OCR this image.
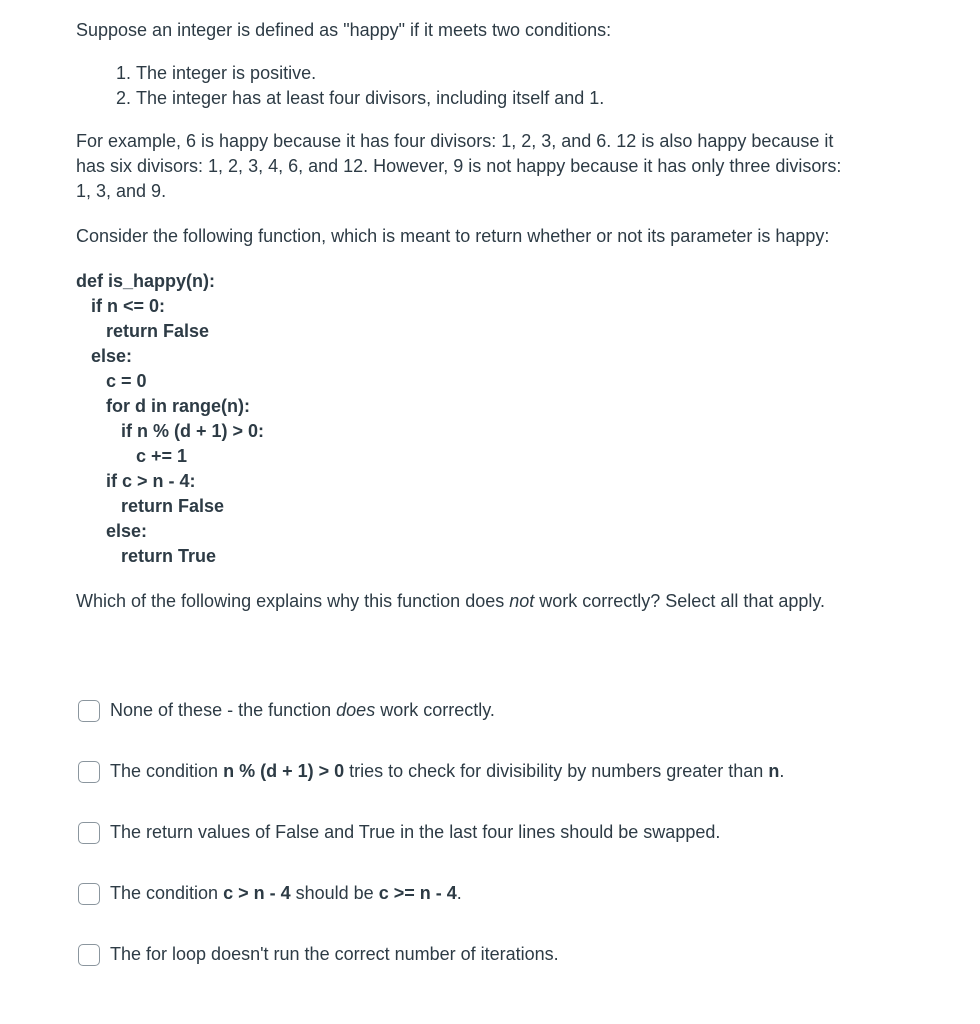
Suppose an integer is defined as "happy" if it meets two conditions:

1. The integer is positive.
2. The integer has at least four divisors, including itself and 1.

For example, 6 is happy because it has four divisors: 1, 2, 3, and 6. 12 is also happy because it has six divisors: 1, 2, 3, 4, 6, and 12. However, 9 is not happy because it has only three divisors: 1, 3, and 9.

Consider the following function, which is meant to return whether or not its parameter is happy:

def is_happy(n):
if n <= 0:
return False
else:
c = 0
for d in range(n):
if n % (d + 1) > 0:
c += 1
if c > n - 4:
return False
else:
return True

Which of the following explains why this function does not work correctly? Select all that apply.

None of these - the function does work correctly.
The condition n % (d + 1) > 0 tries to check for divisibility by numbers greater than n.
The return values of False and True in the last four lines should be swapped.
The condition c > n - 4 should be c >= n - 4.
The for loop doesn't run the correct number of iterations.
